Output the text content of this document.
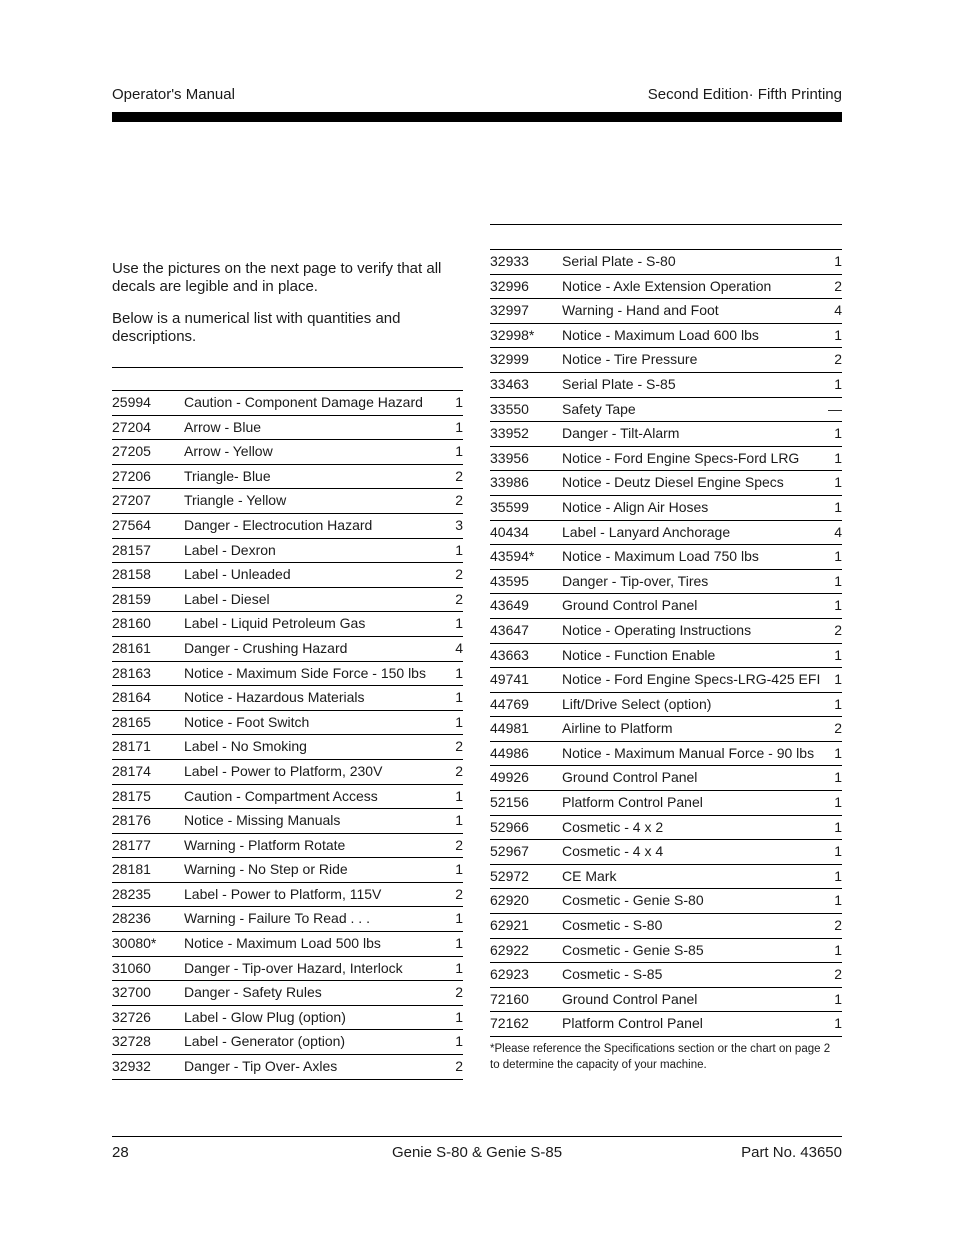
Operator's Manual	Second Edition· Fifth Printing
Use the pictures on the next page to verify that all decals are legible and in place.
Below is a numerical list with quantities and descriptions.
25994 Caution - Component Damage Hazard 1
27204 Arrow - Blue	1
27205 Arrow - Yellow	1
27206 Triangle- Blue	2
27207 Triangle - Yellow	2
27564 Danger - Electrocution Hazard	3
28157 Label - Dexron	1
28158 Label - Unleaded	2
28159 Label - Diesel	2
28160 Label - Liquid Petroleum Gas	1
28161 Danger - Crushing Hazard	4
28163 Notice - Maximum Side Force - 150 lbs 1
28164 Notice - Hazardous Materials	1
28165 Notice - Foot Switch	1
28171 Label - No Smoking	2
28174 Label - Power to Platform, 230V	2
28175 Caution - Compartment Access	1
28176 Notice - Missing Manuals	1
28177 Warning - Platform Rotate	2
28181 Warning - No Step or Ride	1
28235 Label - Power to Platform, 115V	2
28236 Warning - Failure To Read . . .	1
30080* Notice - Maximum Load 500 lbs	1
31060 Danger - Tip-over Hazard, Interlock	1
32700 Danger - Safety Rules	2
32726 Label - Glow Plug (option)	1
32728 Label - Generator (option)	1
32932 Danger - Tip Over- Axles	2
32933 Serial Plate - S-80	1
32996 Notice - Axle Extension Operation	2
32997 Warning - Hand and Foot	4
32998* Notice - Maximum Load 600 lbs	1
32999 Notice - Tire Pressure	2
33463 Serial Plate - S-85	1
33550 Safety Tape	—
33952 Danger - Tilt-Alarm	1
33956 Notice - Ford Engine Specs-Ford LRG 1
33986 Notice - Deutz Diesel Engine Specs	1
35599 Notice - Align Air Hoses	1
40434 Label - Lanyard Anchorage	4
43594* Notice - Maximum Load 750 lbs	1
43595 Danger - Tip-over, Tires	1
43649 Ground Control Panel	1
43647 Notice - Operating Instructions	2
43663 Notice - Function Enable	1
49741 Notice - Ford Engine Specs-LRG-425 EFI 1
44769 Lift/Drive Select (option)	1
44981 Airline to Platform	2
44986 Notice - Maximum Manual Force - 90 lbs 1
49926 Ground Control Panel	1
52156 Platform Control Panel	1
52966 Cosmetic - 4 x 2	1
52967 Cosmetic - 4 x 4	1
52972 CE Mark	1
62920 Cosmetic - Genie S-80	1
62921 Cosmetic - S-80	2
62922 Cosmetic - Genie S-85	1
62923 Cosmetic - S-85	2
72160 Ground Control Panel	1
72162 Platform Control Panel	1
*Please reference the Specifications section or the chart on page 2 to determine the capacity of your machine.
28	Genie S-80 & Genie S-85	Part No. 43650
